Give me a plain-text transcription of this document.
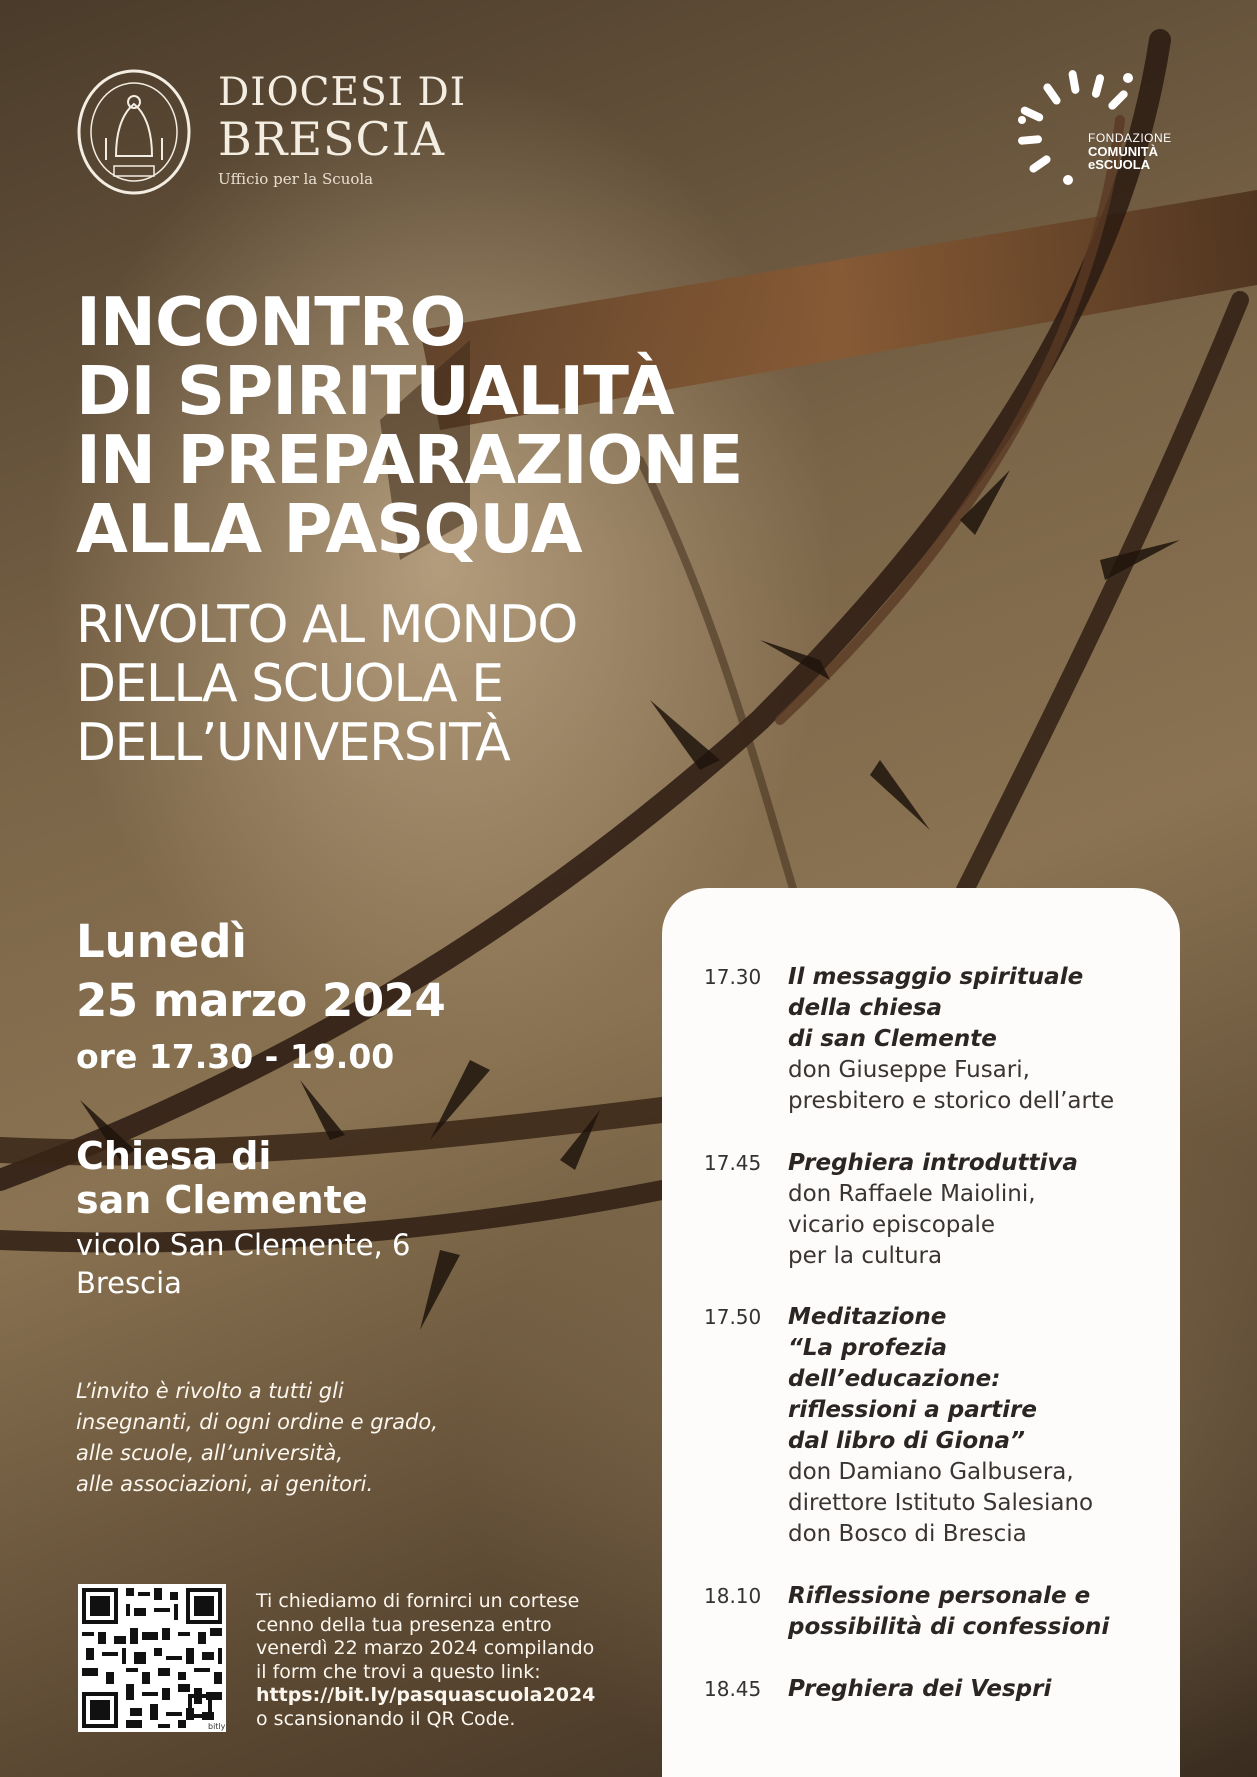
DIOCESI DI
BRESCIA
Ufficio per la Scuola
FONDAZIONE
COMUNITÀ
eSCUOLA
INCONTRO
DI SPIRITUALITÀ
IN PREPARAZIONE
ALLA PASQUA
RIVOLTO AL MONDO
DELLA SCUOLA E
DELL’UNIVERSITÀ
Lunedì
25 marzo 2024
ore 17.30 - 19.00
Chiesa di
san Clemente
vicolo San Clemente, 6
Brescia
L’invito è rivolto a tutti gli
insegnanti, di ogni ordine e grado,
alle scuole, all’università,
alle associazioni, ai genitori.
bitly
Ti chiediamo di fornirci un cortese
cenno della tua presenza entro
venerdì 22 marzo 2024 compilando
il form che trovi a questo link:
https://bit.ly/pasquascuola2024
o scansionando il QR Code.
17.30 Il messaggio spirituale
della chiesa
di san Clemente
don Giuseppe Fusari,
presbitero e storico dell’arte
17.45 Preghiera introduttiva
don Raffaele Maiolini,
vicario episcopale
per la cultura
17.50 Meditazione
“La profezia
dell’educazione:
riflessioni a partire
dal libro di Giona”
don Damiano Galbusera,
direttore Istituto Salesiano
don Bosco di Brescia
18.10 Riflessione personale e
possibilità di confessioni
18.45 Preghiera dei Vespri
